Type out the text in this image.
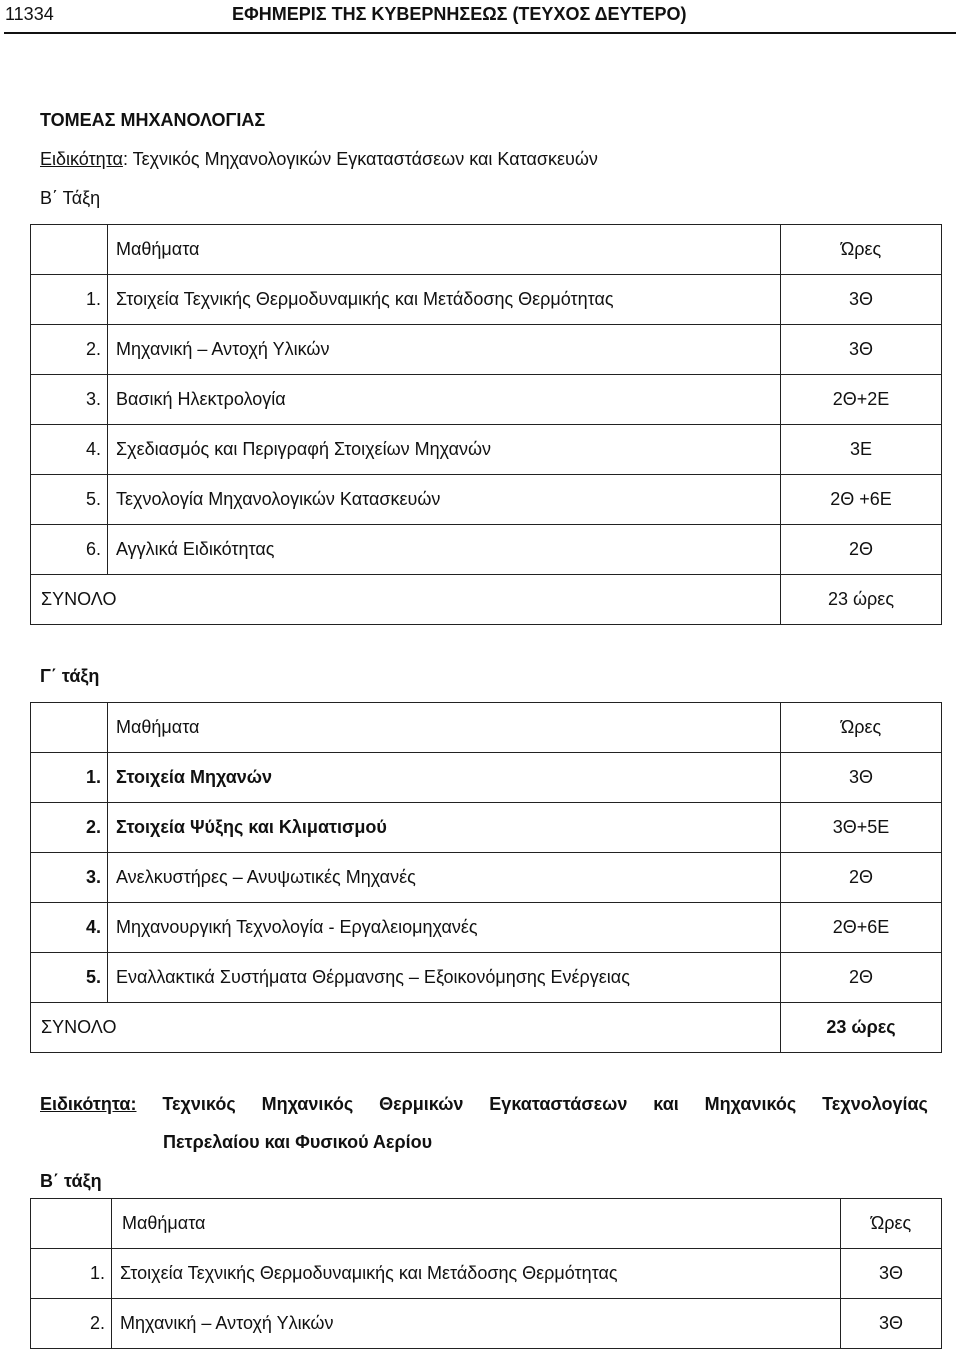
11334	ΕΦΗΜΕΡΙΣ ΤΗΣ ΚΥΒΕΡΝΗΣΕΩΣ (ΤΕΥΧΟΣ ΔΕΥΤΕΡΟ)
ΤΟΜΕΑΣ ΜΗΧΑΝΟΛΟΓΙΑΣ
Ειδικότητα: Τεχνικός Μηχανολογικών Εγκαταστάσεων και Κατασκευών
Β΄ Τάξη
	Μαθήματα	Ώρες
1.	Στοιχεία Τεχνικής Θερμοδυναμικής και Μετάδοσης Θερμότητας	3Θ
2.	Μηχανική – Αντοχή Υλικών	3Θ
3.	Βασική Ηλεκτρολογία	2Θ+2Ε
4.	Σχεδιασμός και Περιγραφή Στοιχείων Μηχανών	3Ε
5.	Τεχνολογία Μηχανολογικών Κατασκευών	2Θ +6Ε
6.	Αγγλικά Ειδικότητας	2Θ
ΣΥΝΟΛΟ		23 ώρες
Γ΄ τάξη
	Μαθήματα	Ώρες
1.	Στοιχεία Μηχανών	3Θ
2.	Στοιχεία Ψύξης και Κλιματισμού	3Θ+5Ε
3.	Ανελκυστήρες – Ανυψωτικές Μηχανές	2Θ
4.	Μηχανουργική Τεχνολογία - Εργαλειομηχανές	2Θ+6Ε
5.	Εναλλακτικά Συστήματα Θέρμανσης – Εξοικονόμησης Ενέργειας	2Θ
ΣΥΝΟΛΟ		23 ώρες
Ειδικότητα: Τεχνικός Μηχανικός Θερμικών Εγκαταστάσεων και Μηχανικός Τεχνολογίας
Πετρελαίου και Φυσικού Αερίου
Β΄ τάξη
	Μαθήματα	Ώρες
1.	Στοιχεία Τεχνικής Θερμοδυναμικής και Μετάδοσης Θερμότητας	3Θ
2.	Μηχανική – Αντοχή Υλικών	3Θ
